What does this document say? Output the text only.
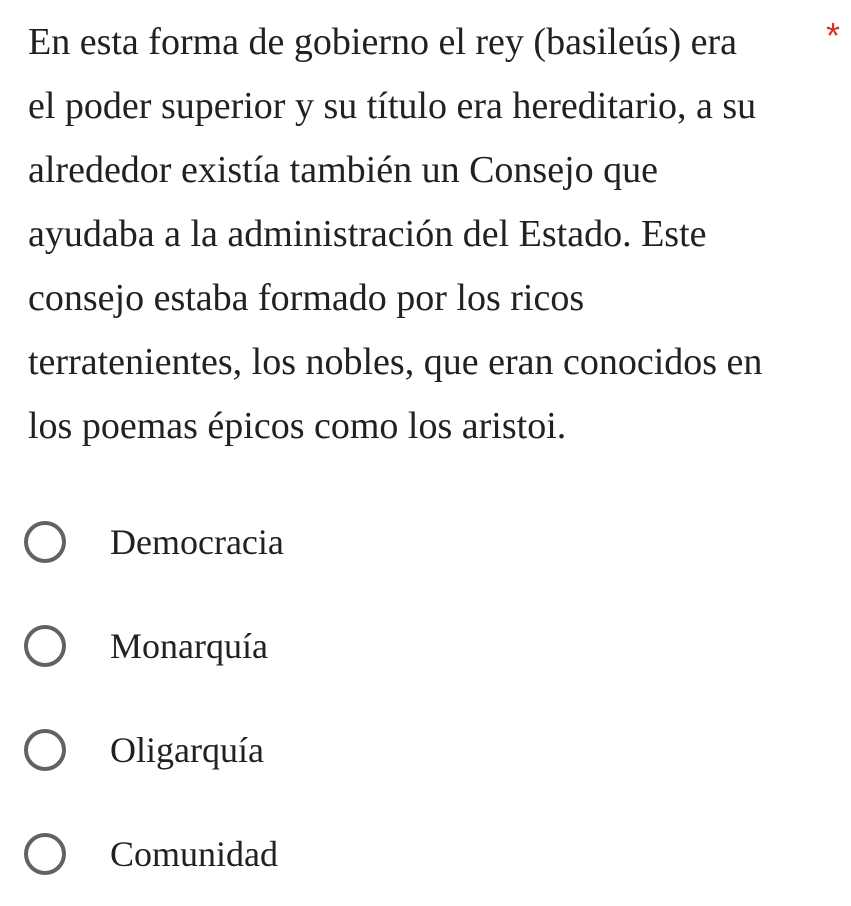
En esta forma de gobierno el rey (basileús) era
el poder superior y su título era hereditario, a su
alrededor existía también un Consejo que
ayudaba a la administración del Estado. Este
consejo estaba formado por los ricos
terratenientes, los nobles, que eran conocidos en
los poemas épicos como los aristoi.
*
Democracia
Monarquía
Oligarquía
Comunidad
